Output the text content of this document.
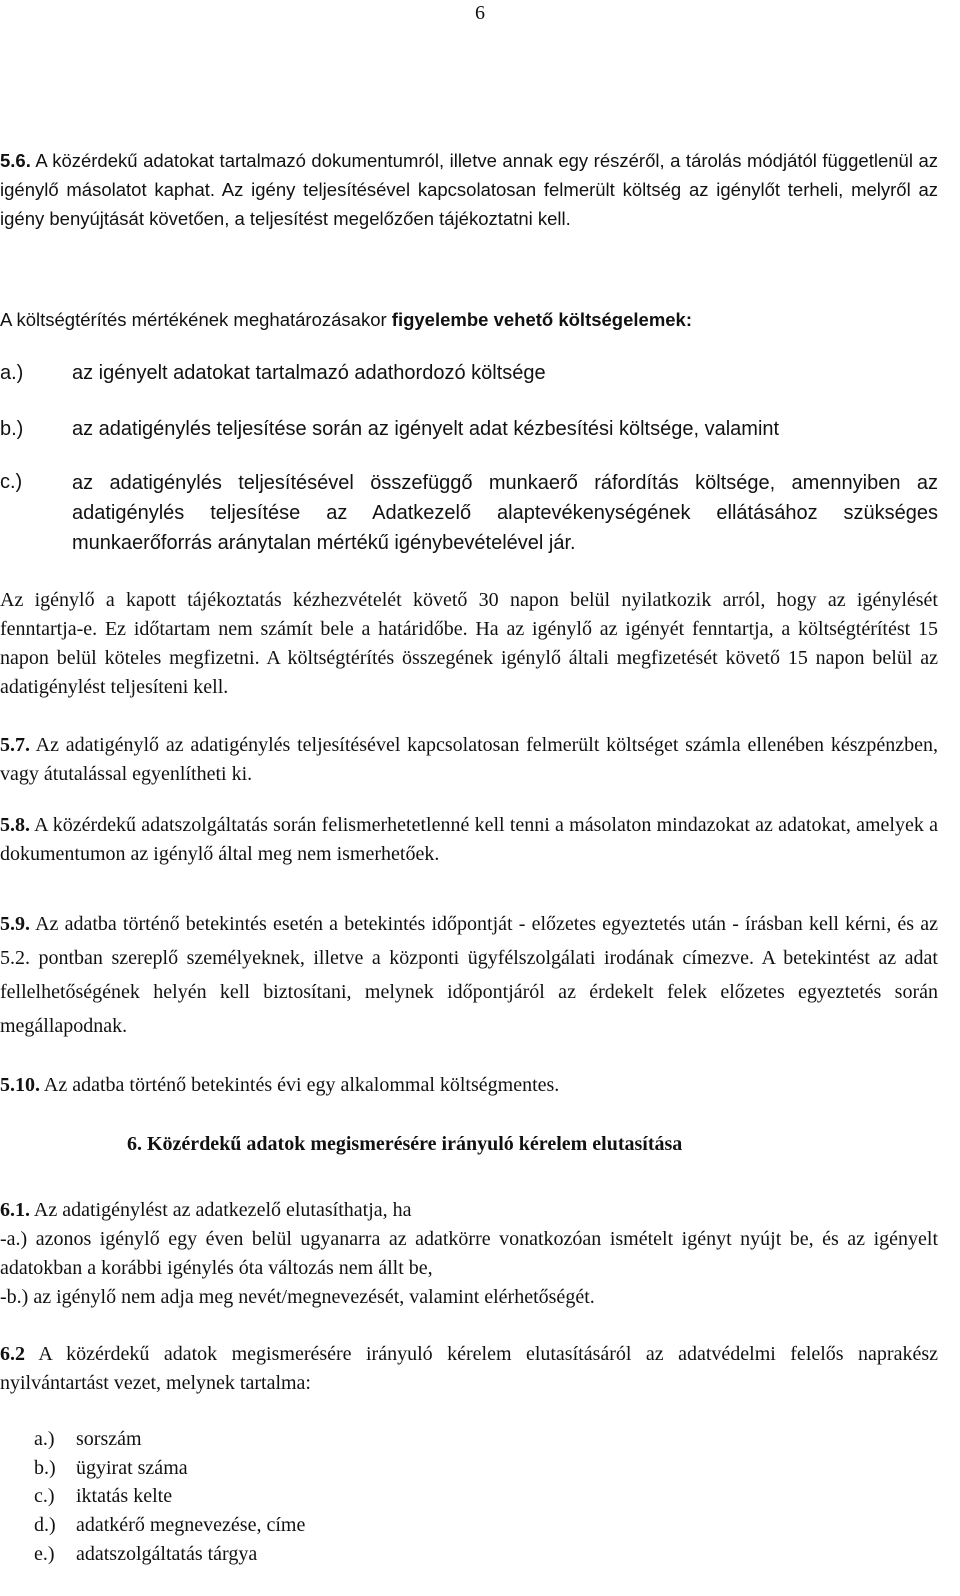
6

5.6. A közérdekű adatokat tartalmazó dokumentumról, illetve annak egy részéről, a tárolás módjától függetlenül az igénylő másolatot kaphat. Az igény teljesítésével kapcsolatosan felmerült költség az igénylőt terheli, melyről az igény benyújtását követően, a teljesítést megelőzően tájékoztatni kell.

A költségtérítés mértékének meghatározásakor figyelembe vehető költségelemek:

a.) az igényelt adatokat tartalmazó adathordozó költsége

b.) az adatigénylés teljesítése során az igényelt adat kézbesítési költsége, valamint

c.) az adatigénylés teljesítésével összefüggő munkaerő ráfordítás költsége, amennyiben az adatigénylés teljesítése az Adatkezelő alaptevékenységének ellátásához szükséges munkaerőforrás aránytalan mértékű igénybevételével jár.

Az igénylő a kapott tájékoztatás kézhezvételét követő 30 napon belül nyilatkozik arról, hogy az igénylését fenntartja-e. Ez időtartam nem számít bele a határidőbe. Ha az igénylő az igényét fenntartja, a költségtérítést 15 napon belül köteles megfizetni. A költségtérítés összegének igénylő általi megfizetését követő 15 napon belül az adatigénylést teljesíteni kell.

5.7. Az adatigénylő az adatigénylés teljesítésével kapcsolatosan felmerült költséget számla ellenében készpénzben, vagy átutalással egyenlítheti ki.

5.8. A közérdekű adatszolgáltatás során felismerhetetlenné kell tenni a másolaton mindazokat az adatokat, amelyek a dokumentumon az igénylő által meg nem ismerhetőek.

5.9. Az adatba történő betekintés esetén a betekintés időpontját - előzetes egyeztetés után - írásban kell kérni, és az 5.2. pontban szereplő személyeknek, illetve a központi ügyfélszolgálati irodának címezve. A betekintést az adat fellelhetőségének helyén kell biztosítani, melynek időpontjáról az érdekelt felek előzetes egyeztetés során megállapodnak.

5.10. Az adatba történő betekintés évi egy alkalommal költségmentes.

6. Közérdekű adatok megismerésére irányuló kérelem elutasítása

6.1. Az adatigénylést az adatkezelő elutasíthatja, ha

-a.) azonos igénylő egy éven belül ugyanarra az adatkörre vonatkozóan ismételt igényt nyújt be, és az igényelt adatokban a korábbi igénylés óta változás nem állt be,

-b.) az igénylő nem adja meg nevét/megnevezését, valamint elérhetőségét.

6.2 A közérdekű adatok megismerésére irányuló kérelem elutasításáról az adatvédelmi felelős naprakész nyilvántartást vezet, melynek tartalma:

a.) sorszám
b.) ügyirat száma
c.) iktatás kelte
d.) adatkérő megnevezése, címe
e.) adatszolgáltatás tárgya
